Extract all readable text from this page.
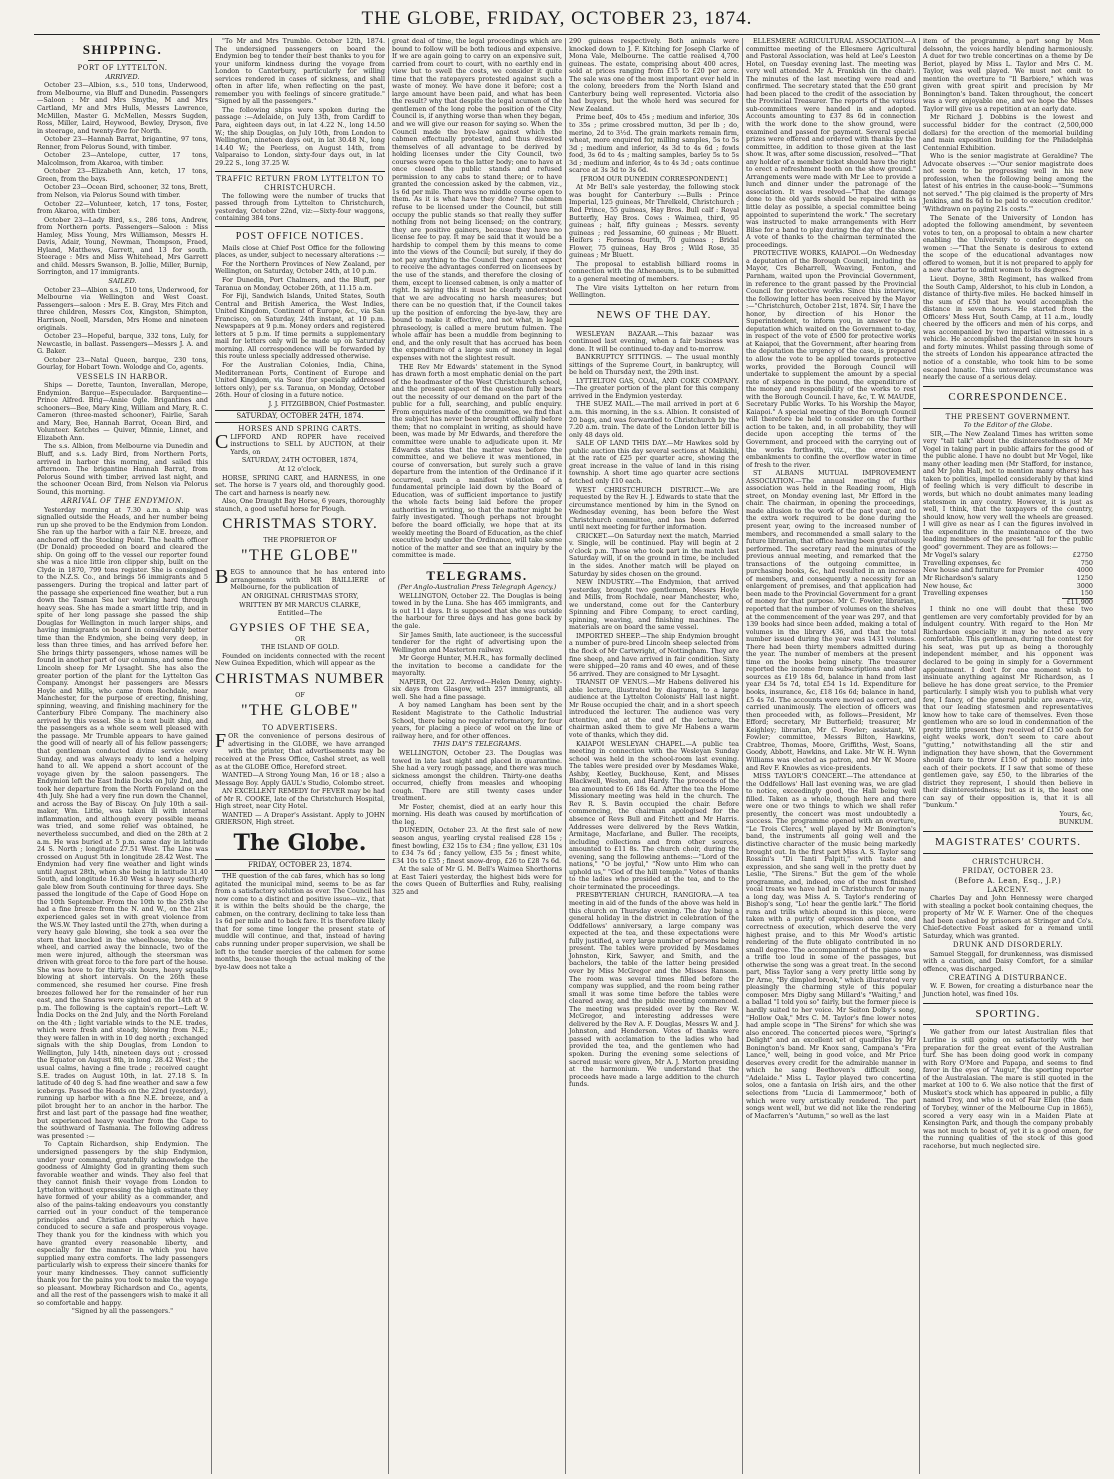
THE GLOBE, FRIDAY, OCTOBER 23, 1874.
SHIPPING.
PORT OF LYTTELTON.
ARRIVED.

October 23—Albion, s.s., 510 tons, Underwood, from Melbourne, via Bluff and Dunedin. Passengers—Saloon : Mr and Mrs Smythe, M and Mrs Cartland, Mr and Mrs Hulls, Messrs Lawrence, McMillen, Master G. McMellen, Messrs Sugden, Ross, Miller, Laird, Heywood, Bewley, Dryson, five in steerage, and twenty-five for North.

October 23—Hannah Barrat, brigantine, 97 tons, Renner, from Pelorus Sound, with timber.

October 23—Antelope, cutter, 17 tons, Malcolmson, from Akaroa, with timber.

October 23—Elizabeth Ann, ketch, 17 tons, Green, from the bays.

October 23—Ocean Bird, schooner, 32 tons, Brett, from Nelson, via Pelorus Sound with timber.

October 22—Volunteer, ketch, 17 tons, Foster, from Akaroa, with timber.

October 23—Lady Bird, s.s., 286 tons, Andrew, from Northern ports. Passengers—Saloon : Miss Hamley, Miss Young, Mrs Williamson, Messrs H. Davis, Adair, Young, Newman, Thompson, Fraed, Hyland, Matthews, Garrett, and 13 for south. Steerage : Mrs and Miss Whitehead, Mrs Garrett and child. Messrs Swanson, B. Jollie, Miller, Burnip, Sorrington, and 17 immigrants.

SAILED.

October 23—Albion s.s., 510 tons, Underwood, for Melbourne via Wellington and West Coast. Passengers—saloon : Mrs E. B. Gray, Mrs Fitch and three children, Messrs Cox, Kingston, Shimpton, Harrison, Noell, Marsden, Mrs Home and nineteen originals.

October 23—Hopeful, barque, 332 tons, Luly, for Newcastle, in ballast. Passengers—Messrs J. A. and G. Baker.

October 23—Natal Queen, barque, 230 tons, Gourlay, for Hobart Town. Wolodge and Co, agents.

VESSELS IN HARBOR.

Ships — Dorette, Taunton, Inverallan, Merope, Endymion. Barque—Especulador. Barquentine—Prince Alfred. Brig—Annie Ogle. Brigantines and schooners—Bee, Mary King, William and Mary, R. C. Cameron (three-masted schooner), Fairlie, Sarah and Mary, Bee, Hannah Barrat, Ocean Bird, and Volunteer. Ketches — Quiver, Minnie, Linnet, and Elizabeth Ann.

The s.s. Albion, from Melbourne via Dunedin and Bluff, and s.s. Lady Bird, from Northern Ports, arrived in harbor this morning, and sailed this afternoon. The brigantine Hannah Barrat, from Pelorus Sound with timber, arrived last night, and the schooner Ocean Bird, from Nelson via Pelorus Sound, this morning.

ARRIVAL OF THE ENDYMION.

Yesterday morning at 7.30 a.m. a ship was signalled outside the Heads, and her number being run up she proved to be the Endymion from London. She ran up the harbor with a fair N.E. breeze, and anchored off the Stocking Point. The health officer (Dr Donald) proceeded on board and cleared the ship. On going off to the vessel our reporter found she was a nice little iron clipper ship, built on the Clyde in 1870, 799 tons register. She is consigned to the N.Z.S. Co., and brings 56 immigrants and 5 passengers. During the tropical and latter part of the passage she experienced fine weather, but a run down the Tasman Sea her working hard through heavy seas. She has made a smart little trip, and in spite of her long passage she passed the ship Douglas for Wellington in much larger ships, and having immigrants on board in considerably better time than the Endymion, she being very deep, in less than three times, and has arrived before her. She brings thirty passengers, whose names will be found in another part of our columns, and some fine Lincoln sheep for Mr Lysaght. She has also the greater portion of the plant for the Lyttelton Gas Company. Amongst her passengers are Messrs Hoyle and Mills, who came from Rochdale, near Manchester, for the purpose of erecting, finishing, spinning, weaving, and finishing machinery for the Canterbury Fibre Company. The machinery also arrived by this vessel. She is a tent built ship, and the passengers as a whole seem well pleased with the passage. Mr Trumble appears to have gained the good will of nearly all of his fellow passengers; that gentleman conducted divine service every Sunday, and was always ready to lend a helping hand to all. We append a short account of the voyage given by the saloon passengers. The Endymion left the East India Docks on July 2nd, and took her departure from the North Foreland on the 4th July. She had a very fine run down the Channel, and across the Bay of Biscay. On July 10th a sail-maker, Wm. Little, was taken ill with internal inflammation, and although every possible means was tried, and some relief was obtained, he nevertheless succumbed, and died on the 28th at 2 a.m. He was buried at 5 p.m. same day in latitude 24 S. North ; longitude 27.51 West. The Line was crossed on August 5th in longitude 28.42 West. The Endymion had very fine weather and light winds until August 28th, when she being in latitude 31.40 South, and longitude 16.30 West a heavy southerly gale blew from South continuing for three days. She passed the longitude of the Cape of Good Hope on the 10th September. From the 10th to the 25th she had a fine breeze from the N. and W., on the 21st experienced gales set in with great violence from the W.S.W. They lasted until the 27th, when during a very heavy gale blowing, she took a sea over the stern that knocked in the wheelhouse, broke the wheel, and carried away the binnacle, two of the men were injured, although the steersman was driven with great force to the fore part of the house. She was hove to for thirty-six hours, heavy squalls blowing at short intervals. On the 26th these commenced, she resumed her course. Fine fresh breezes followed her for the remainder of her run east, and the Snares were sighted on the 14th at 9 p.m. The following is the captain's report—Left W. India Docks on the 2nd July, and the North Foreland on the 4th ; light variable winds to the N.E. trades, which were fresh and steady, blowing from N.E.; they were fallen in with in 10 deg north ; exchanged signals with the ship Douglas, from London to Wellington, July 14th, nineteen days out ; crossed the Equator on August 8th, in long. 28.42 West ; the usual calms, having a fine trade ; received caught S.E. trades on August 10th, in lat. 27.18 S. In latitude of 40 deg S. had fine weather and saw a few icebergs. Passed the Heads on the 22nd (yesterday), running up harbor with a fine N.E. breeze, and a pilot brought her to an anchor in the harbor. The first and last part of the passage had fine weather, but experienced heavy weather from the Cape to the southward of Tasmania. The following address was presented :—

To Captain Richardson, ship Endymion. The undersigned passengers by the ship Endymion, under your command, gratefully acknowledge the goodness of Almighty God in granting them such favorable weather and winds. They also feel that they cannot finish their voyage from London to Lyttelton without expressing the high estimate they have formed of your ability as a commander, and also of the pains-taking endeavours you constantly carried out in your conduct of the temperance principles and Christian charity which have conduced to secure a safe and prosperous voyage. They thank you for the kindness with which you have granted every reasonable liberty, and especially for the manner in which you have supplied many extra comforts. The lady passengers particularly wish to express their sincere thanks for your many kindnesses. They cannot sufficiently thank you for the pains you took to make the voyage so pleasant. Mowbray Richardson and Co., agents, and all the rest of the passengers wish to make it all so comfortable and happy.

"Signed by all the passengers."

"To Mr and Mrs Trumble. October 12th, 1874. The undersigned passengers on board the Endymion beg to tender their best thanks to you for your uniform kindness during the voyage from London to Canterbury, particularly for willing services rendered in cases of sickness, and shall often in after life, when reflecting on the past, remember you with feelings of sincere gratitude." "Signed by all the passengers."

The following ships were spoken during the passage :—Adelaide, on July 13th, from Cardiff to Para, eighteen days out, in lat 4.22 N., long 14.50 W.; the ship Douglas, on July 10th, from London to Wellington, nineteen days out, in lat 30.48 N., long 14.40 W.; the Peerless, on August 14th, from Valparaiso to London, sixty-four days out, in lat 29.22 S., long 37.25 W.

TRAFFIC RETURN FROM LYTTELTON TO CHRISTCHURCH.

The following were the number of trucks that passed through from Lyttelton to Christchurch, yesterday, October 22nd, viz:—Sixty-four waggons, containing 384 tons.

POST OFFICE NOTICES.

Mails close at Chief Post Office for the following places, as under, subject to necessary alterations :—

For the Northern Provinces of New Zealand, per Wellington, on Saturday, October 24th, at 10 p.m.

For Dunedin, Port Chalmers, and the Bluff, per Taranua on Monday, October 26th, at 11.15 a.m.

For Fiji, Sandwich Islands, United States, South Central and British America, the West Indies, United Kingdom, Continent of Europe, &c., via San Francisco, on Saturday, 24th instant, at 10 p.m. Newspapers at 9 p.m. Money orders and registered letters at 5 p.m. If time permits a supplementary mail for letters only will be made up on Saturday morning. All correspondence will be forwarded by this route unless specially addressed otherwise.

For the Australian Colonies, India, China, Mediterranean Ports, Continent of Europe and United Kingdom, via Suez (for specially addressed letters only), per s.s. Taranua, on Monday, October 26th. Hour of closing in a future notice.

J. J. FITZGIBBON, Chief Postmaster.

SATURDAY, OCTOBER 24TH, 1874.
HORSES AND SPRING CARTS.

CLIFFORD AND ROPER have received instructions to SELL by AUCTION, at their Yards, on

SATURDAY, 24TH OCTOBER, 1874,

At 12 o'clock,

HORSE, SPRING CART, and HARNESS, in one set. The horse is 7 years old, and thoroughly good. The cart and harness is nearly new.

Also, One Draught Bay Horse, 6 years, thoroughly staunch, a good useful horse for Plough.

CHRISTMAS STORY.

THE PROPRIETOR OF

"THE GLOBE"

BEGS to announce that he has entered into arrangements with MR BAILLIERE of Melbourne, for the publication of

AN ORIGINAL CHRISTMAS STORY,

WRITTEN BY MR MARCUS CLARKE,

Entitled—The

GYPSIES OF THE SEA,

OR

THE ISLAND OF GOLD.

Founded on incidents connected with the recent New Guinea Expedition, which will appear as the

CHRISTMAS NUMBER

OF

"THE GLOBE"
TO ADVERTISERS.

FOR the convenience of persons desirous of advertising in the GLOBE, we have arranged with the printer, that advertisements may be received at the Press Office, Cashel street, as well as at the GLOBE Office, Hereford street.

WANTED—A Strong Young Man, 16 or 18 ; also a Message Boy. Apply GAUL's Studio, Colombo street.

AN EXCELLENT REMEDY for FEVER may be had of Mr R. COOKE, late of the Christchurch Hospital, High street, near City Hotel.

WANTED — A Draper's Assistant. Apply to JOHN GRIERSON, High street.

The Globe.
FRIDAY, OCTOBER 23, 1874.

THE question of the cab fares, which has so long agitated the municipal mind, seems to be as far from a satisfactory solution as ever. The Council has now come to a distinct and positive issue—viz., that it is within the belts should be the charge, the cabmen, on the contrary, declining to take less than 1s 6d per mile and to back fare. It is therefore likely that for some time longer the present state of muddle will continue, and that, instead of having cabs running under proper supervision, we shall be left to the tender mercies of the cabmen for some months, because though the actual making of the bye-law does not take a

great deal of time, the legal proceedings which are bound to follow will be both tedious and expensive. If we are again going to carry on an expensive suit, carried from court to court, with no earthly end in view but to swell the costs, we consider it quite time that the ratepayers protested against such a waste of money. We have done it before; cost a large amount have been paid, and what has been the result? why that despite the legal acumen of the gentlemen of the long robe the position of the City Council is, if anything worse than when they began, and we will give our reason for saying so. When the Council made the bye-law against which the cabmen effectually protested, and thus divested themselves of all advantage to be derived by holding licenses under the City Council, two courses were open to the latter body; one to have at once closed the public stands and refused permission to any cabs to stand there; or to have granted the concession asked by the cabmen, viz., 1s 6d per mile. There was no middle course open to them. As it is what have they done? The cabmen refuse to be licensed under the Council, but still occupy the public stands so that really they suffer nothing from not being licensed; on the contrary, they are positive gainers, because they have no license fee to pay. It may be said that it would be a hardship to compel them by this means to come into the views of the Council; but surely, if they do not pay anything to the Council they cannot expect to receive the advantages conferred on licensees by the use of the stands, and therefore the closing of them, except to licensed cabmen, is only a matter of right. In saying this it must be clearly understood that we are advocating no harsh measures; but there can be no question that, if the Council takes up the position of enforcing the bye-law, they are bound to make it effective, and not what, in legal phraseology, is called a mere brutum fulmen. The whole affair has been a muddle from beginning to end, and the only result that has accrued has been the expenditure of a large sum of money in legal expenses with not the slightest result.

THE Rev Mr Edwards' statement in the Synod has drawn forth a most emphatic denial on the part of the headmaster of the West Christchurch school, and the present aspect of the question fully bears out the necessity of our demand on the part of the public for a full, searching, and public enquiry. From enquiries made of the committee, we find that the subject has never been brought officially before them; that no complaint in writing, as should have been, was made by Mr Edwards, and therefore the committee were unable to adjudicate upon it. Mr Edwards states that the matter was before the committee, and we believe it was mentioned, in course of conversation, but surely such a grave departure from the intention of the Ordinance if it occurred, such a manifest violation of a fundamental principle laid down by the Board of Education, was of sufficient importance to justify the whole facts being laid before the proper authorities in writing, so that the matter might be fairly investigated. Though perhaps not brought before the board officially, we hope that at its weekly meeting the Board of Education, as the chief executive body under the Ordinance, will take some notice of the matter and see that an inquiry by the committee is made.

TELEGRAMS.
(Per Anglo-Australian Press Telegraph Agency.)

WELLINGTON, October 22. The Douglas is being towed in by the Luna. She has 465 immigrants, and is out 111 days. It is supposed that she was outside the harbour for three days and has gone back by the gale.

Sir James Smith, late auctioneer, is the successful tenderer for the right of advertising upon the Wellington and Masterton railway.

Mr George Hunter, M.H.R., has formally declined the invitation to become a candidate for the mayoralty.

NAPIER, Oct 22. Arrived—Helen Denny, eighty-six days from Glasgow, with 257 immigrants, all well. She had a fine passage.

A boy named Langham has been sent by the Resident Magistrate to the Catholic Industrial School, there being no regular reformatory, for four years, for placing a piece of wool on the line of railway here, and for other offences.

THIS DAY'S TELEGRAMS.

WELLINGTON, October 23. The Douglas was towed in late last night and placed in quarantine. She had a very rough passage, and there was much sickness amongst the children. Thirty-one deaths occurred, chiefly from measles and whooping cough. There are still twenty cases under treatment.

Mr Foster, chemist, died at an early hour this morning. His death was caused by mortification of the leg.

DUNEDIN, October 23. At the first sale of new season angus, yearling crystal realised £28 15s ; finest bowling, £32 15s to £34 ; fine yellow, £31 10s to £34 7s 6d ; fancy yellow, £35 5s ; finest white, £34 10s to £35 ; finest snow-drop, £26 to £28 7s 6d.

At the sale of Mr G. M. Bell's Waimea Shorthorns at East Taieri yesterday, the highest bids were for the cows Queen of Butterflies and Ruby, realising 325 and

290 guineas respectively. Both animals were knocked down to J. F. Kitching for Joseph Clarke of Mona Vale, Melbourne. The cattle realised 4,700 guineas. The estate, comprising about 400 acres, sold at prices ranging from £15 to £20 per acre. The sale was one of the most important ever held in the colony, breeders from the North Island and Canterbury being well represented. Victoria also had buyers, but the whole herd was secured for New Zealand.

Prime beef, 40s to 45s ; medium and inferior, 30s to 35s ; prime crossbred mutton, 3d per lb ; do, merino, 2d to 3½d. The grain markets remain firm, wheat, more enquired for, milling samples, 5s to 5s 3d ; medium and inferior, 4s 3d to 4s 6d ; fowls food, 3s 6d to 4s ; malting samples, barley 5s to 5s 3d ; medium and inferior, 4s to 4s 3d ; oats continue scarce at 3s 3d to 3s 6d.

[FROM OUR DUNEDIN CORRESPONDENT.]

At Mr Bell's sale yesterday, the following stock was bought for Canterbury :—Bulls : Prince Imperial, 125 guineas, Mr Threlkeld, Christchurch ; Red Prince, 55 guineas, Hay Bros. Bull calf : Royal Butterfly, Hay Bros. Cows : Waimea, third, 95 guineas ; half, fifty guineas ; Messrs. seventy guineas ; red Jessamine, 60 guineas ; Mr Bluett. Heifers : Formosa fourth, 70 guineas ; Bridal Flower, 75 guineas, Hay Bros ; Wild Rose, 35 guineas ; Mr Bluett.

The proposal to establish billiard rooms in connection with the Athenaeum, is to be submitted to a general meeting of members.

The Vire visits Lyttelton on her return from Wellington.

NEWS OF THE DAY.

WESLEYAN BAZAAR.—This bazaar was continued last evening, when a fair business was done. It will be continued to-day and to-morrow.

BANKRUPTCY SITTINGS. — The usual monthly sittings of the Supreme Court, in bankruptcy, will be held on Thursday next, the 29th inst.

LYTTELTON GAS, COAL, AND COKE COMPANY.—The greater portion of the plant for this company arrived in the Endymion yesterday.

THE SUEZ MAIL.—The mail arrived in port at 6 a.m. this morning, in the s.s. Albion. It consisted of 20 bags, and was forwarded to Christchurch by the 7.20 a.m. train. The date of the London letter bill is only 48 days old.

SALE OF LAND THIS DAY.—Mr Hawkes sold by public auction this day several sections at Makikihi, at the rate of £25 per quarter acre, showing the great increase in the value of land in this rising township. A short time ago quarter acre sections fetched only £10 each.

WEST CHRISTCHURCH DISTRICT.—We are requested by the Rev H. J. Edwards to state that the circumstance mentioned by him in the Synod on Wednesday evening, has been before the West Christchurch committee, and has been deferred until next meeting for further information.

CRICKET.—On Saturday next the match, Married v. Single, will be continued. Play will begin at 2 o'clock p.m. Those who took part in the match last Saturday will, if on the ground in time, be included in the sides. Another match will be played on Saturday by sides chosen on the ground.

NEW INDUSTRY.—The Endymion, that arrived yesterday, brought two gentlemen, Messrs Hoyle and Mills, from Rochdale, near Manchester, who, we understand, come out for the Canterbury Spinning and Fibre Company, to erect carding, spinning, weaving, and finishing machines. The materials are on board the same vessel.

IMPORTED SHEEP.—The ship Endymion brought a number of pure-bred Lincoln sheep selected from the flock of Mr Cartwright, of Nottingham. They are fine sheep, and have arrived in fair condition. Sixty were shipped—20 rams and 40 ewes, and of these 56 arrived. They are consigned to Mr Lysaght.

TRANSIT OF VENUS.—Mr Habens delivered his able lecture, illustrated by diagrams, to a large audience at the Lyttelton Colonists' Hall last night. Mr Rouse occupied the chair, and in a short speech introduced the lecturer. The audience was very attentive, and at the end of the lecture, the chairman asked them to give Mr Habens a warm vote of thanks, which they did.

KAIAPOI WESLEYAN CHAPEL.—A public tea meeting in connection with the Wesleyan Sunday school was held in the school-room last evening. The tables were presided over by Mesdames Wake, Ashby, Keetley, Buckhouse, Kent, and Misses Blackwell, Weston, and Hardy. The proceeds of the tea amounted to £6 18s 6d. After the tea the Home Missionary meeting was held in the church. The Rev R. S. Bavin occupied the chair. Before commencing, the chairman apologised for the absence of Revs Bull and Fitchett and Mr Harris. Addresses were delivered by the Revs Watkin, Armitage, Macfarlane, and Buller. The receipts, including collections and from other sources, amounted to £11 8s. The church choir, during the evening, sang the following anthems:—"Lord of the nations," "O be joyful," "Now unto Him who can uphold us," "God of the hill temple." Votes of thanks to the ladies who presided at the tea, and to the choir terminated the proceedings.

PRESBYTERIAN CHURCH, RANGIORA.—A tea meeting in aid of the funds of the above was held in this church on Thursday evening. The day being a general holiday in the district in celebration of the Oddfellows' anniversary, a large company was expected at the tea, and these expectations were fully justified, a very large number of persons being present. The tables were provided by Mesdames Johnston, Kirk, Sawyer, and Smith, and the bachelors, the table of the latter being presided over by Miss McGregor and the Misses Ransom. The room was several times filled before the company was supplied, and the room being rather small it was some time before the tables were cleared away, and the public meeting commenced. The meeting was presided over by the Rev W. McGregor, and interesting addresses were delivered by the Rev A. F. Douglas, Messrs W. and J. Johnston, and Henderson. Votes of thanks were passed with acclamation to the ladies who had provided the tea, and the gentlemen who had spoken. During the evening some selections of sacred music were given, Mr A. J. Morton presiding at the harmonium. We understand that the proceeds have made a large addition to the church funds.

ELLESMERE AGRICULTURAL ASSOCIATION.—A committee meeting of the Ellesmere Agricultural and Pastoral Association, was held at Lee's Leeston Hotel, on Tuesday evening last. The meeting was very well attended. Mr A. Frankish (in the chair). The minutes of the last meeting were read and confirmed. The secretary stated that the £50 grant had been placed to the credit of the association by the Provincial Treasurer. The reports of the various sub-committees were handed in and adopted. Accounts amounting to £37 8s 6d in connection with the work done to the show ground, were examined and passed for payment. Several special prizes were offered and ordered with thanks by the committee, in addition to those given at the last show. It was, after some discussion, resolved—"That any holder of a member ticket should have the right to erect a refreshment booth on the show ground." Arrangements were made with Mr Lee to provide a lunch and dinner under the patronage of the association. It was resolved—"That the damage done to the old yards should be repaired with as little delay as possible, a special committee being appointed to superintend the work." The secretary was instructed to make arrangements with Herr Bilse for a band to play during the day of the show. A vote of thanks to the chairman terminated the proceedings.

PROTECTIVE WORKS, KAIAPOI.—On Wednesday a deputation of the Borough Council, including the Mayor, Crs Beharrell, Weaving, Fenton, and Parnham, waited upon the Provincial Government, in reference to the grant passed by the Provincial Council for protective works. Since this interview, the following letter has been received by the Mayor :—"Christchurch, October 21st, 1874. Sir, I have the honor, by direction of his Honor the Superintendent, to inform you, in answer to the deputation which waited on the Government to-day, in respect of the vote of £500 for protective works at Kaiapoi, that the Government, after hearing from the deputation the urgency of the case, is prepared to allow the vote to be applied towards protective works, provided the Borough Council will undertake to supplement the amount by a special rate of sixpence in the pound, the expenditure of the money and responsibility of the works to rest with the Borough Council. I have, &c, T. W. MAUDE, Secretary Public Works. To his Worship the Mayor, Kaiapoi." A special meeting of the Borough Council will therefore be held to consider on the further action to be taken, and, in all probability, they will decide upon accepting the terms of the Government, and proceed with the carrying out of the works forthwith, viz., the erection of embankments to confine the overflow water in time of fresh to the river.

ST ALBANS MUTUAL IMPROVEMENT ASSOCIATION.—The annual meeting of this association was held in the Reading room, High street, on Monday evening last, Mr Efford in the chair. The chairman, in opening the proceedings, made allusion to the work of the past year, and to the extra work required to be done during the present year, owing to the increased number of members, and recommended a small salary to the future librarian, that office having been gratuitously performed. The secretary read the minutes of the previous annual meeting, and remarked that the transactions of the outgoing committee, in purchasing books, &c, had resulted in an increase of members, and consequently a necessity for an enlargement of premises, and that application had been made to the Provincial Government for a grant of money for that purpose. Mr C. Fowler, librarian, reported that the number of volumes on the shelves at the commencement of the year was 297, and that 139 books had since been added, making a total of volumes in the library 436, and that the total number issued during the year was 1431 volumes. There had been thirty members admitted during the year. The number of members at the present time on the books being ninety. The treasurer reported the income from subscriptions and other sources as £19 18s 6d, balance in hand from last year £34 5s 7d, total £54 1s 1d. Expenditure for books, insurance, &c, £18 16s 6d; balance in hand, £5 4s 7d. The accounts were moved as correct, and carried unanimously. The election of officers was then proceeded with, as follows—President, Mr Efford; secretary, Mr Butterfield; treasurer, Mr Keighley; librarian, Mr C. Fowler; assistant, W. Fowler; committee, Messrs Bilton, Hawkins, Crabtree, Thomas, Moore, Griffiths, West, Soans, Goody, Abbott, Hawkins, and Lake. Mr W. H. Wynn Williams was elected as patron, and Mr W. Moore and Rev F. Knowles as vice-presidents.

MISS TAYLOR'S CONCERT.—The attendance at the Oddfellows' Hall last evening was, we are glad to notice, exceedingly good, the Hall being well filled. Taken as a whole, though here and there were one or two things to which we shall refer presently, the concert was most undoubtedly a success. The programme opened with an overture, "Le Trois Clercs," well played by Mr Bonington's band, the instruments all going well and the distinctive character of the music being markedly brought out. In the first part Miss A. S. Taylor sang Rossini's "Di Tanti Palpiti," with taste and expression, and she sang well in the pretty duet by Leslie, "The Sirens." But the gem of the whole programme, and, indeed, one of the most finished vocal treats we have had in Christchurch for many a long day, was Miss A. S. Taylor's rendering of Bishop's song, "Lo! hear the gentle lark." The florid runs and trills which abound in this piece, were taken with a purity of expression and tone, and correctness of execution, which deserve the very highest praise, and to this Mr Wood's artistic rendering of the flute obligato contributed in no small degree. The accompaniment of the piano was a trifle too loud in some of the passages, but otherwise the song was a great treat. In the second part, Miss Taylor sang a very pretty little song by Dr Arne, "By dimpled brook," which illustrated very pleasingly the charming style of this popular composer. Mrs Digby sang Millard's "Waiting," and a ballad "I told you so" fairly, but the former piece is hardly suited to her voice. Mr Seiton Dolby's song, "Hollow Oak," Mrs C. M. Taylor's fine lower notes had ample scope in "The Sirens" for which she was also encored. The concerted pieces were, "Spring's Delight" and an excellent set of quadrilles by Mr Bonington's band. Mr Knox sang, Campana's "Fra Lance," well, being in good voice, and Mr Price deserves every credit for the admirable manner in which he sang Beethoven's difficult song, "Adelaide." Miss L. Taylor played two concertina solos, one a fantasia on Irish airs, and the other selections from "Lucia di Lammermoor," both of which were very artistically rendered. The part songs went well, but we did not like the rendering of Macfarren's "Autumn," so well as the last

item of the programme, a part song by Men delssohn, the voices hardly blending harmoniously. A duet for two treble concertinas on a theme by De Beriot, played by Miss L. Taylor and Mrs C. M. Taylor, was well played. We must not omit to mention the overture to "Il Barbiere," which was given with great spirit and precision by Mr Bonnington's band. Taken throughout, the concert was a very enjoyable one, and we hope the Misses Taylor will give us a repetition at an early date.

Mr Richard J. Dobbins is the lowest and successful bidder for the contract (2,500,000 dollars) for the erection of the memorial building and main exposition building for the Philadelphia Centennial Exhibition.

Who is the senior magistrate at Geraldine? The Advocate observes :—"Our senior magistrate does not seem to be progressing well in his new profession, when the following being among the latest of his entries in the cause-book:—"Summons not served." 'The pig claimed is the property of Mrs Jenkins, and 8s 6d to be paid to execution creditor.' 'Withdrawn on paying 21s costs.'"

The Senate of the University of London has adopted the following amendment, by seventeen votes to ten, on a proposal to obtain a new charter enabling the University to confer degrees on women :—"That the Senate is desirous to extend the scope of the educational advantages now offered to women, but it is not prepared to apply for a new charter to admit women to its degrees."

Lieut. Doyne, 38th Regiment, has walked from the South Camp, Aldershot, to his club in London, a distance of thirty-five miles. He backed himself in the sum of £50 that he would accomplish the distance in seven hours. He started from the Officers' Mess Hut, South Camp, at 11 a.m., loudly cheered by the officers and men of his corps, and was accompanied by two impartial witnesses in a vehicle. He accomplished the distance in six hours and forty minutes. Whilst passing through some of the streets of London his appearance attracted the notice of a constable, who took him to be some escaped lunatic. This untoward circumstance was nearly the cause of a serious delay.

CORRESPONDENCE.
THE PRESENT GOVERNMENT.
To the Editor of the Globe.

SIR,—The New Zealand Times has written some very "tall talk" about the disinterestedness of Mr Vogel in taking part in public affairs for the good of the public alone. I have no doubt but Mr Vogel, like many other leading men (Mr Stafford, for instance, and Mr John Hall, not to mention many others) has taken to politics, impelled considerably by that kind of feeling which is very difficult to describe in words, but which no doubt animates many leading statesmen in any country. However, it is just as well, I think, that the taxpayers of the country, should know, how very well the wheels are greased. I will give as near as I can the figures involved in the expenditure in the maintenance of the two leading members of the present "all for the public good" government. They are as follows:—

Mr Vogel's salary	£2750
Travelling expenses, &c	750
New house and furniture for Premier	4000
Mr Richardson's salary	1250
New house, &c	3000
Travelling expenses	150
	£11,900

I think no one will doubt that these two gentlemen are very comfortably provided for by an indulgent country. With regard to the Hon Mr Richardson especially it may be noted as very comfortable. This gentleman, during the contest for his seat, was put up as being a thoroughly independent member, and his opponent was declared to be going in simply for a Government appointment. I don't for one moment wish to insinuate anything against Mr Richardson, as I believe he has done great service, to the Premier particularly. I simply wish you to publish what very few, I fancy, of the general public are aware—viz, that our leading statesmen and representatives know how to take care of themselves. Even those gentlemen who are so loud in condemnation of the pretty little present they received of £150 each for eight weeks work, don't seem to care about "gutting," notwithstanding all the stir and indignation they have shown, that the Government should dare to throw £150 of public money into each of their pockets. If I saw that some of these gentlemen gave, say £50, to the libraries of the district they represent, I should then believe in their disinterestedness; but as it is, the least one can say of their opposition is, that it is all "bunkum."

Yours, &c,

BUNKUM.

MAGISTRATES' COURTS.
CHRISTCHURCH.
FRIDAY, OCTOBER 23.
(Before A. Lean, Esq., J.P.)
LARCENY.

Charles Day and John Hennessy were charged with stealing a pocket book containing cheques, the property of Mr W. F. Warner. One of the cheques had been cashed by prisoners at Stringer and Co's. Chief-detective Feast asked for a remand until Saturday, which was granted.

DRUNK AND DISORDERLY.

Samuel Steggall, for drunkenness, was dismissed with a caution, and Daisy Comfort, for a similar offence, was discharged.

CREATING A DISTURBANCE.

W. F. Bowen, for creating a disturbance near the Junction hotel, was fined 10s.

SPORTING.

We gather from our latest Australian files that Lurline is still going on satisfactorily with her preparation for the great event of the Australian turf. She has been doing good work in company with Rory O'More and Papapa, and seems to find favor in the eyes of "Augur," the sporting reporter of the Australasian. The mare is still quoted in the market at 100 to 6. We also notice that the first of Musket's stock which has appeared in public, a filly named Troy, and who is out of Fair Ellen (the dam of Torybey, winner of the Melbourne Cup in 1865), scored a very easy win in a Maiden Plate at Kensington Park, and though the company probably was not much to boast of, yet it is a good omen, for the running qualities of the stock of this good racehorse, but much neglected sire.
